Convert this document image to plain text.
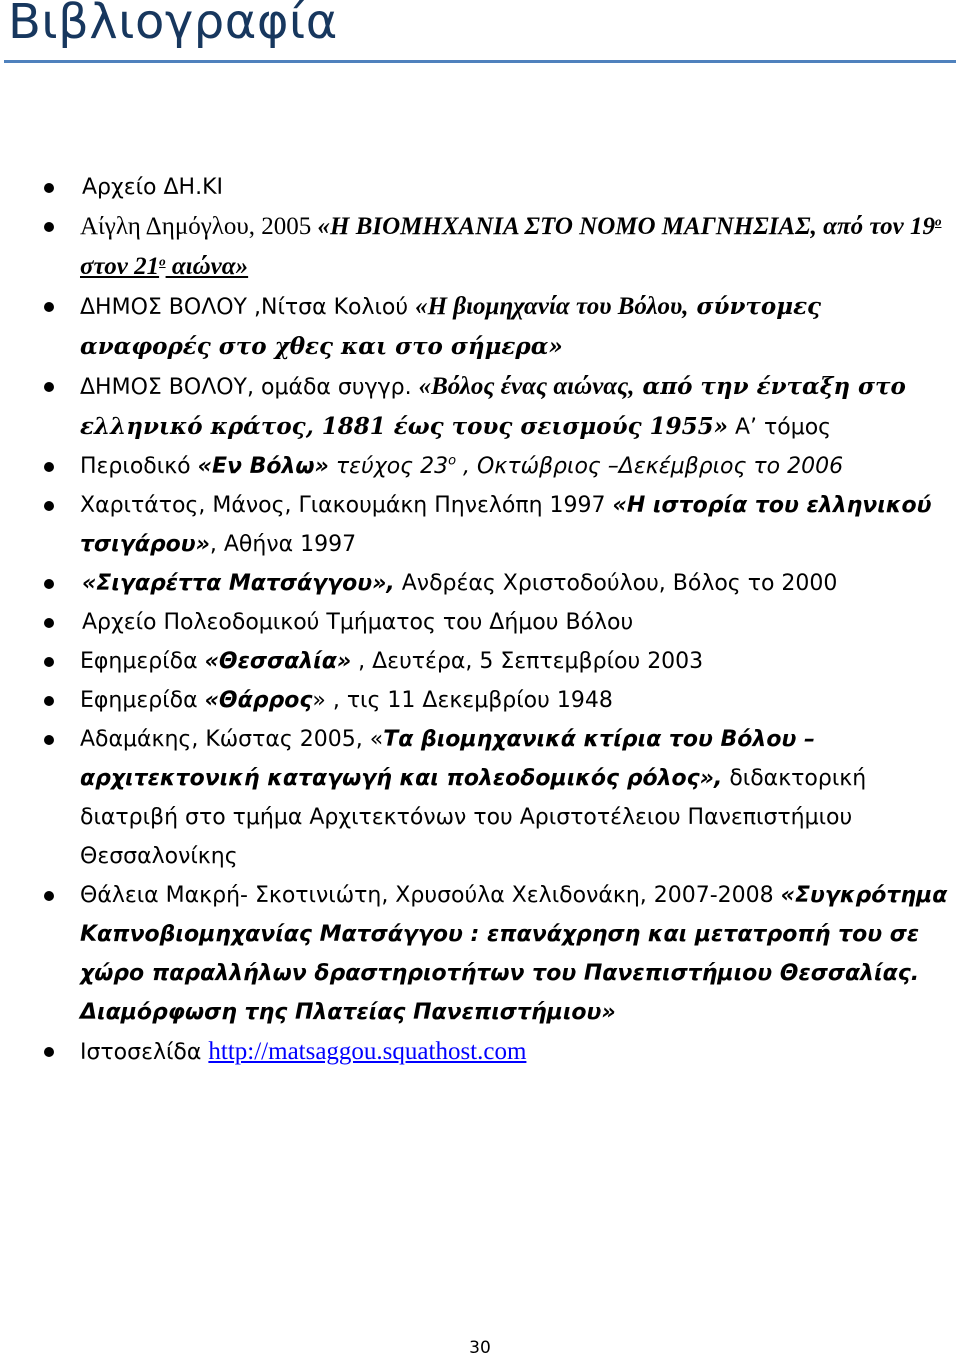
Βιβλιογραφία
Αρχείο ΔΗ.ΚΙ
Αίγλη Δημόγλου, 2005 «Η ΒΙΟΜΗΧΑΝΙΑ ΣΤΟ ΝΟΜΟ ΜΑΓΝΗΣΙΑΣ, από τον $19^o$ στον $21^o$ αιώνα»
ΔΗΜΟΣ ΒΟΛΟΥ ,Νίτσα Κολιού «Η βιομηχανία του Βόλου, σύντομες αναφορές στο χθες και στο σήμερα»
ΔΗΜΟΣ ΒΟΛΟΥ, ομάδα συγγρ. «Βόλος ένας αιώνας, από την ένταξη στο ελληνικό κράτος, 1881 έως τους σεισμούς 1955» Α’ τόμος
Περιοδικό «Εν Βόλω» τεύχος $23^o$ , Οκτώβριος –Δεκέμβριος το 2006
Χαριτάτος, Μάνος, Γιακουμάκη Πηνελόπη 1997 «Η ιστορία του ελληνικού τσιγάρου», Αθήνα 1997
«Σιγαρέττα Ματσάγγου», Ανδρέας Χριστοδούλου, Βόλος το 2000
Αρχείο Πολεοδομικού Τμήματος του Δήμου Βόλου
Εφημερίδα «Θεσσαλία» , Δευτέρα, 5 Σεπτεμβρίου 2003
Εφημερίδα «Θάρρος» , τις 11 Δεκεμβρίου 1948
Αδαμάκης, Κώστας 2005, «Τα βιομηχανικά κτίρια του Βόλου – αρχιτεκτονική καταγωγή και πολεοδομικός ρόλος», διδακτορική διατριβή στο τμήμα Αρχιτεκτόνων του Αριστοτέλειου Πανεπιστήμιου Θεσσαλονίκης
Θάλεια Μακρή- Σκοτινιώτη, Χρυσούλα Χελιδονάκη, 2007-2008 «Συγκρότημα Καπνοβιομηχανίας Ματσάγγου : επανάχρηση και μετατροπή του σε χώρο παραλλήλων δραστηριοτήτων του Πανεπιστήμιου Θεσσαλίας. Διαμόρφωση της Πλατείας Πανεπιστήμιου»
Ιστοσελίδα http://matsaggou.squathost.com
30
